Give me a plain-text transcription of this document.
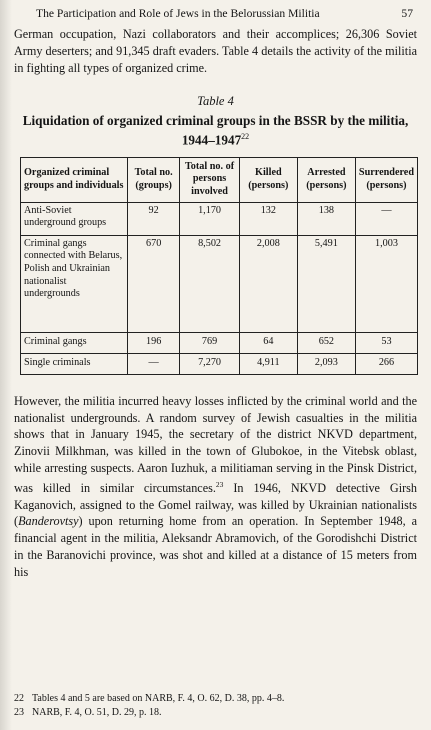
The Participation and Role of Jews in the Belorussian Militia	57

German occupation, Nazi collaborators and their accomplices; 26,306 Soviet Army deserters; and 91,345 draft evaders. Table 4 details the activity of the militia in fighting all types of organized crime.

Table 4
Liquidation of organized criminal groups in the BSSR by the militia, 1944–1947$^{22}$
Organized criminal groups and individuals	Total no. (groups)	Total no. of persons involved	Killed (persons)	Arrested (persons)	Surrendered (persons)
Anti-Soviet underground groups	92	1,170	132	138	—
Criminal gangs connected with Belarus, Polish and Ukrainian nationalist undergrounds	670	8,502	2,008	5,491	1,003
Criminal gangs	196	769	64	652	53
Single criminals	—	7,270	4,911	2,093	266

However, the militia incurred heavy losses inflicted by the criminal world and the nationalist undergrounds. A random survey of Jewish casualties in the militia shows that in January 1945, the secretary of the district NKVD department, Zinovii Milkhman, was killed in the town of Glubokoe, in the Vitebsk oblast, while arresting suspects. Aaron Iuzhuk, a militiaman serving in the Pinsk District, was killed in similar circumstances.$^{23}$ In 1946, NKVD detective Girsh Kaganovich, assigned to the Gomel railway, was killed by Ukrainian nationalists (Banderovtsy) upon returning home from an operation. In September 1948, a financial agent in the militia, Aleksandr Abramovich, of the Gorodishchi District in the Baranovichi province, was shot and killed at a distance of 15 meters from his

22 Tables 4 and 5 are based on NARB, F. 4, O. 62, D. 38, pp. 4–8.
23 NARB, F. 4, O. 51, D. 29, p. 18.
